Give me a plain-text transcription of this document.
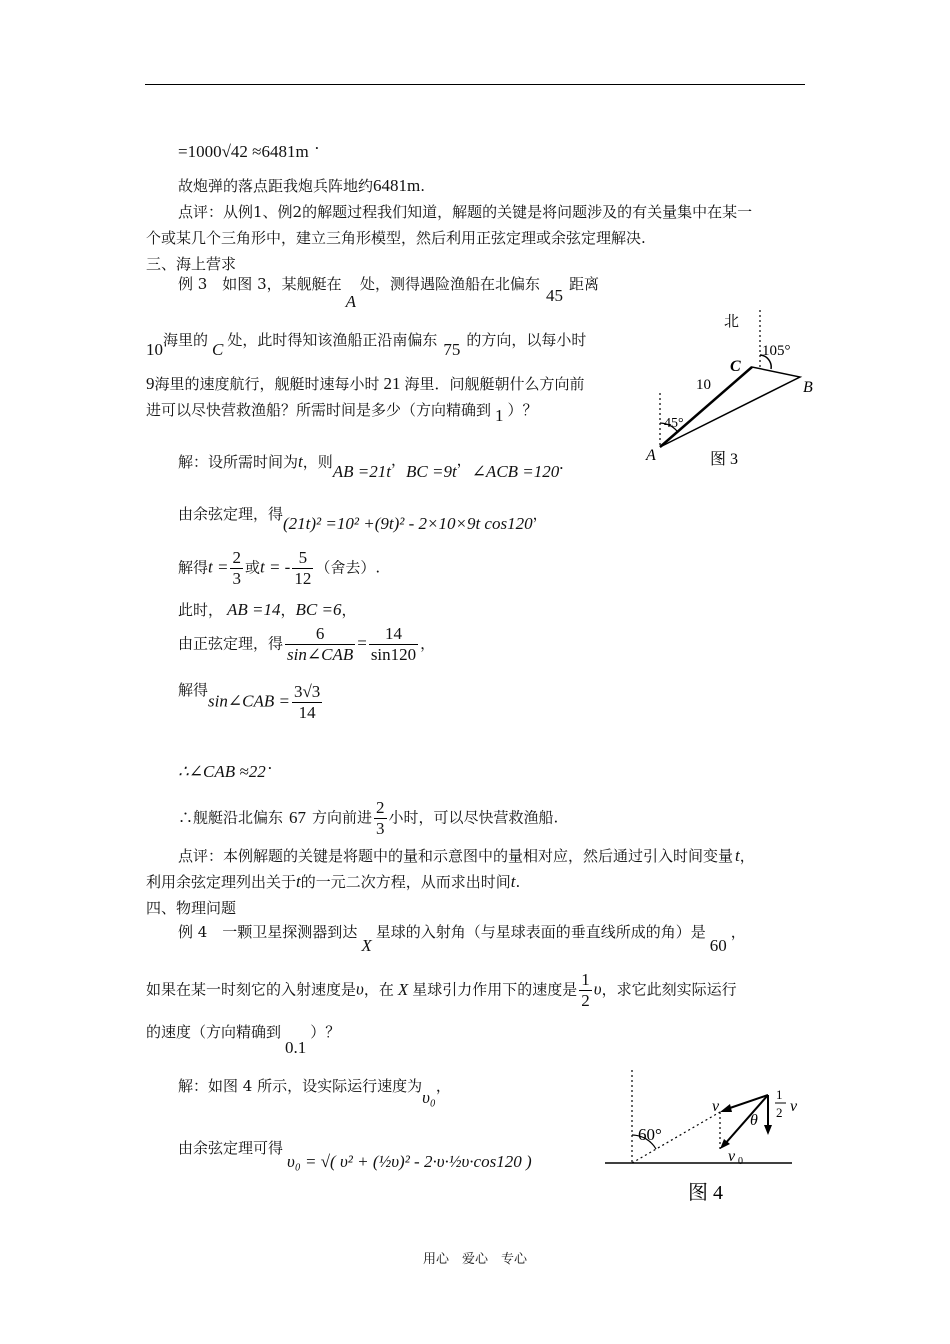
=1000√42 ≈6481m .
故炮弹的落点距我炮兵阵地约6481m.
点评：从例1、例2的解题过程我们知道，解题的关键是将问题涉及的有关量集中在某一
个或某几个三角形中，建立三角形模型，然后利用正弦定理或余弦定理解决.
三、海上营求
例 3　如图 3，某舰艇在A处，测得遇险渔船在北偏东45距离
10海里的 C 处，此时得知该渔船正沿南偏东 75 的方向，以每小时
9海里的速度航行，舰艇时速每小时 21 海里．问舰艇朝什么方向前
进可以尽快营救渔船？所需时间是多少（方向精确到 1 ）？
北
105°
C
B
10
45°
A	图 3
解：设所需时间为t，则AB =21t，BC =9t，∠ACB =120.
由余弦定理，得(21t)² =10² +(9t)² - 2×10×9t cos120，
解得$t = \frac{2}{3}$ 或t = - $\frac{5}{12}$ （舍去）.
此时， AB =14，BC =6，
由正弦定理，得 $\frac{6}{\text{sin∠CAB}} = \frac{14}{\sin 120}$ ，
解得sin∠CAB = $\frac{3√3}{14}$
∴∠CAB ≈22 .
∴舰艇沿北偏东 67 方向前进 $\frac{2}{3}$ 小时，可以尽快营救渔船.
点评：本例解题的关键是将题中的量和示意图中的量相对应，然后通过引入时间变量 t，
利用余弦定理列出关于t的一元二次方程，从而求出时间t.
四、物理问题
例 4　一颗卫星探测器到达X星球的入射角（与星球表面的垂直线所成的角）是60，
如果在某一时刻它的入射速度是υ，在 X 星球引力作用下的速度是 $\frac{1}{2}$ υ，求它此刻实际运行
的速度（方向精确到0.1）？
解：如图 4 所示，设实际运行速度为υ₀，
由余弦定理可得υ₀ = √( υ² + (½υ)² - 2·υ·½υ·cos120 )
60°
v
θ
1
2 v
v 0
图 4
用心　爱心　专心
